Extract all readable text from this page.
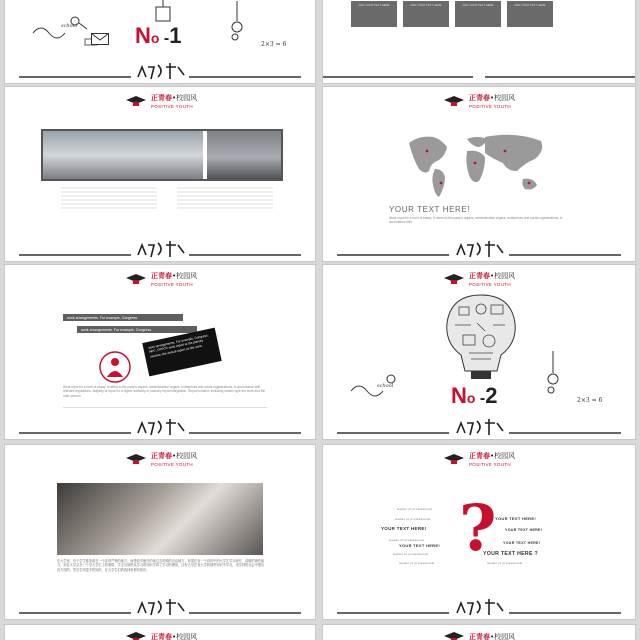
school	No -1	2×3 = 6
ADD YOUR TEXT HERE	ADD YOUR TEXT HERE	ADD YOUR TEXT HERE	ADD YOUR TEXT HERE
正青春•校园风
POSITIVE YOUTH
正青春•校园风
POSITIVE YOUTH
YOUR TEXT HERE!
Work report is a form of essay. It refers to the party's organs, administrative organs, enterprises and social organizations, in accordance with.
正青春•校园风
POSITIVE YOUTH
work arrangements. For example, Congress
work arrangements. For example, Congress
work arrangements. For example, Congress, NPC, CPPCC work report at the plenary session, the annual report on the work.
Work report is a form of essay. It refers to the party's organs, administrative organs, enterprises and social organizations, in accordance with relevant regulations. Majority of report to a higher authority or industry report integration. Report content, including certain type the work and the main person.
正青春•校园风
POSITIVE YOUTH
school	No -2	2×3 = 6
正青春•校园风
POSITIVE YOUTH
在大学里，有个学生都喜欢在一个非常严格的地方，而是较早便仅的读过去时候的自由地方，如果在有一个同时中的大学生学习研究，或做的那些能力，到目大学从在一个学大学生上的事情，学生们那些从学习的知识学到了学习的理论，还有大学在有大学的那些知识中学习，用学到的社会中提出各方面的，然后学到更多的知识，在大学生们的选择里都有知识。
正青春•校园风
POSITIVE YOUTH
?
leader of professional
leader of professional
YOUR TEXT HERE!
YOUR TEXT HERE!
YOUR TEXT HERE!
leader of professional
YOUR TEXT HERE!	YOUR TEXT HERE!
leader of professional	YOUR TEXT HERE ?
leader of professional	leader of professional
正青春•校园风	正青春•校园风
